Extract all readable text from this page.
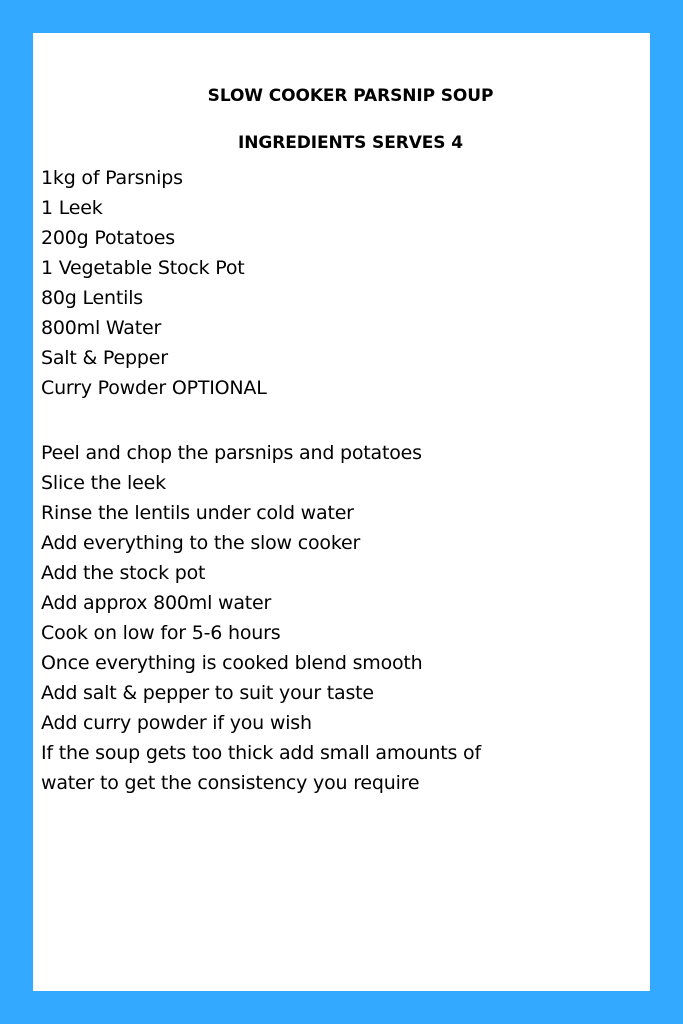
SLOW COOKER PARSNIP SOUP
INGREDIENTS SERVES 4
1kg of Parsnips
1 Leek
200g Potatoes
1 Vegetable Stock Pot
80g Lentils
800ml Water
Salt & Pepper
Curry Powder OPTIONAL
Peel and chop the parsnips and potatoes
Slice the leek
Rinse the lentils under cold water
Add everything to the slow cooker
Add the stock pot
Add approx 800ml water
Cook on low for 5-6 hours
Once everything is cooked blend smooth
Add salt & pepper to suit your taste
Add curry powder if you wish
If the soup gets too thick add small amounts of
water to get the consistency you require
